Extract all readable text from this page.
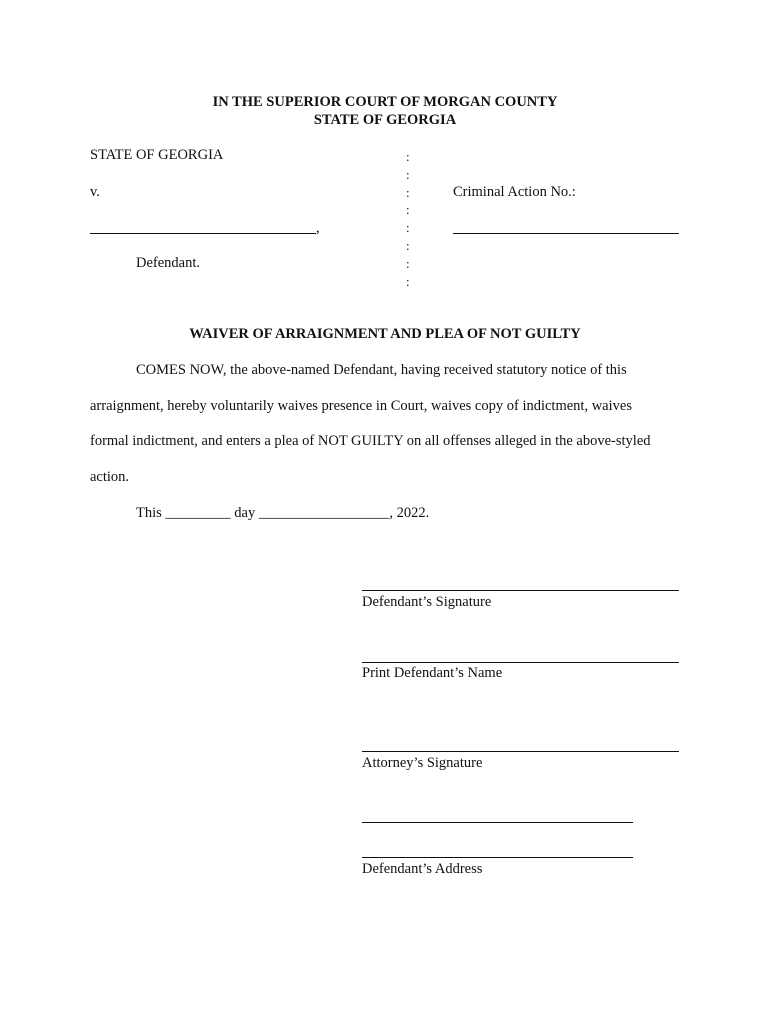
IN THE SUPERIOR COURT OF MORGAN COUNTY
STATE OF GEORGIA
STATE OF GEORGIA
v.
,
Defendant.
:
:
:
:
:
:
:
:
Criminal Action No.:
WAIVER OF ARRAIGNMENT AND PLEA OF NOT GUILTY
COMES NOW, the above-named Defendant, having received statutory notice of this
arraignment, hereby voluntarily waives presence in Court, waives copy of indictment, waives
formal indictment, and enters a plea of NOT GUILTY on all offenses alleged in the above-styled
action.
This _________ day __________________, 2022.
Defendant’s Signature
Print Defendant’s Name
Attorney’s Signature
Defendant’s Address
